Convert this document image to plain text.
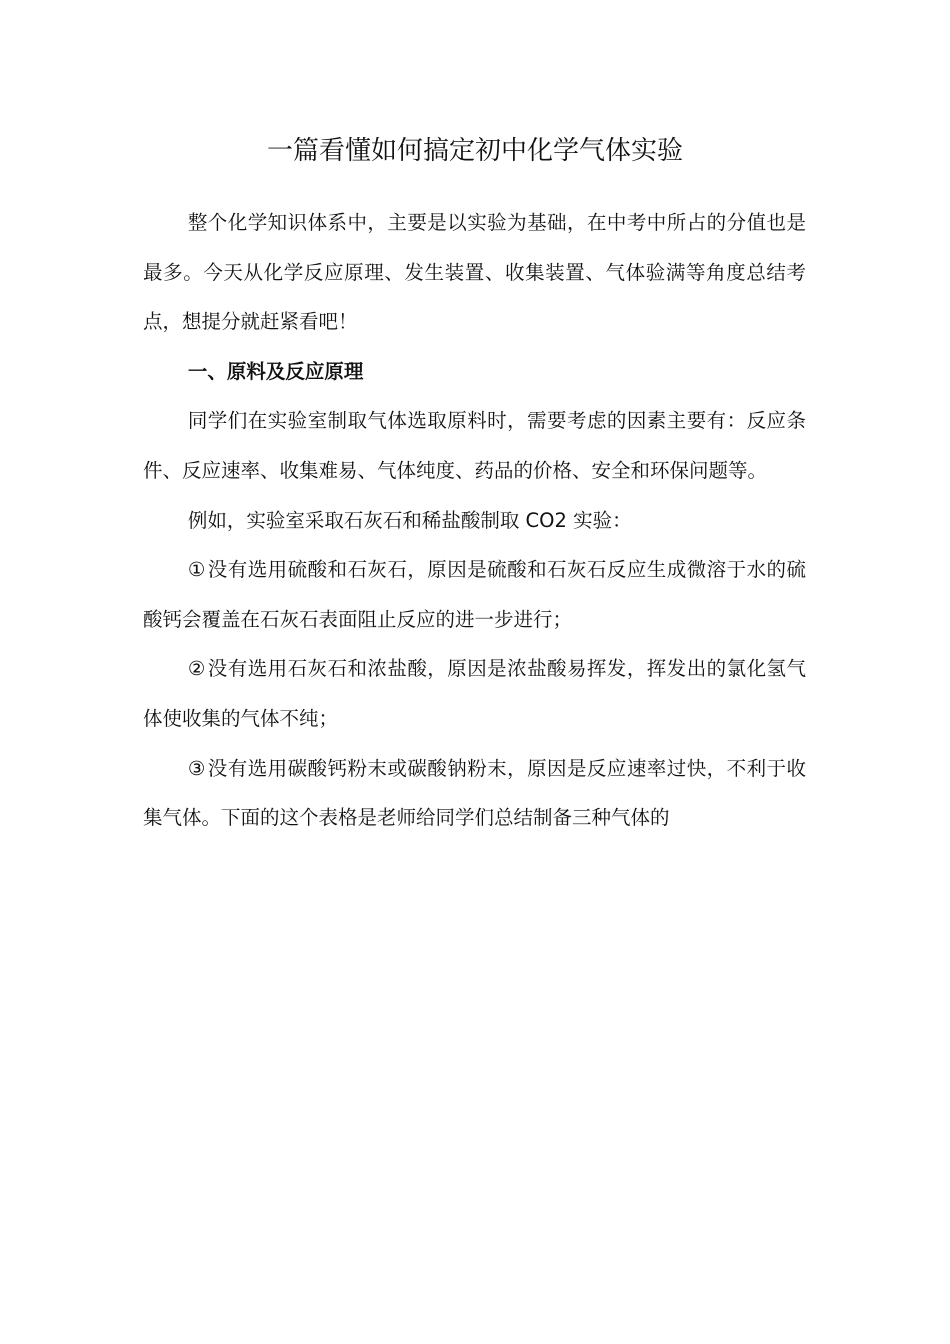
一篇看懂如何搞定初中化学气体实验

整个化学知识体系中，主要是以实验为基础，在中考中所占的分值也是最多。今天从化学反应原理、发生装置、收集装置、气体验满等角度总结考点，想提分就赶紧看吧！

一、原料及反应原理

同学们在实验室制取气体选取原料时，需要考虑的因素主要有：反应条件、反应速率、收集难易、气体纯度、药品的价格、安全和环保问题等。

例如，实验室采取石灰石和稀盐酸制取 CO2 实验：

① 没有选用硫酸和石灰石，原因是硫酸和石灰石反应生成微溶于水的硫酸钙会覆盖在石灰石表面阻止反应的进一步进行；

② 没有选用石灰石和浓盐酸，原因是浓盐酸易挥发，挥发出的氯化氢气体使收集的气体不纯；

③ 没有选用碳酸钙粉末或碳酸钠粉末，原因是反应速率过快，不利于收集气体。下面的这个表格是老师给同学们总结制备三种气体的
